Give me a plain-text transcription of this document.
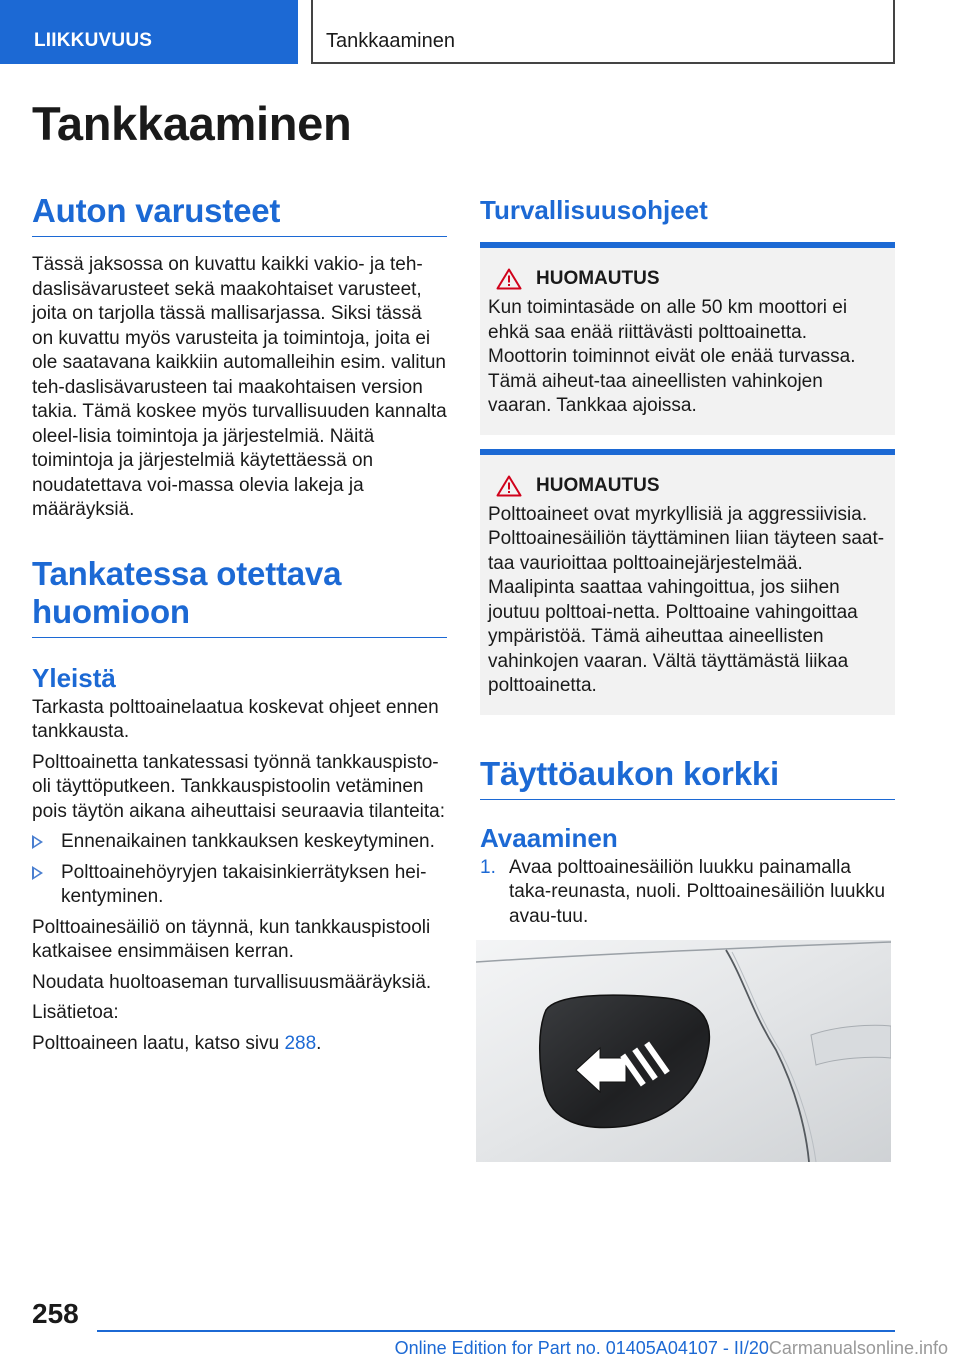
LIIKKUVUUS	Tankkaaminen
Tankkaaminen
Auton varusteet
Tässä jaksossa on kuvattu kaikki vakio- ja teh-daslisävarusteet sekä maakohtaiset varusteet, joita on tarjolla tässä mallisarjassa. Siksi tässä on kuvattu myös varusteita ja toimintoja, joita ei ole saatavana kaikkiin automalleihin esim. valitun teh-daslisävarusteen tai maakohtaisen version takia. Tämä koskee myös turvallisuuden kannalta oleel-lisia toimintoja ja järjestelmiä. Näitä toimintoja ja järjestelmiä käytettäessä on noudatettava voi-massa olevia lakeja ja määräyksiä.
Tankatessa otettava huomioon
Yleistä
Tarkasta polttoainelaatua koskevat ohjeet ennen tankkausta.
Polttoainetta tankatessasi työnnä tankkauspisto-oli täyttöputkeen. Tankkauspistoolin vetäminen pois täytön aikana aiheuttaisi seuraavia tilanteita:
Ennenaikainen tankkauksen keskeytyminen.
Polttoainehöyryjen takaisinkierrätyksen hei-kentyminen.
Polttoainesäiliö on täynnä, kun tankkauspistooli katkaisee ensimmäisen kerran.
Noudata huoltoaseman turvallisuusmääräyksiä.
Lisätietoa:
Polttoaineen laatu, katso sivu 288.
Turvallisuusohjeet
HUOMAUTUS
Kun toimintasäde on alle 50 km moottori ei ehkä saa enää riittävästi polttoainetta. Moottorin toiminnot eivät ole enää turvassa. Tämä aiheut-taa aineellisten vahinkojen vaaran. Tankkaa ajoissa.
HUOMAUTUS
Polttoaineet ovat myrkyllisiä ja aggressiivisia. Polttoainesäiliön täyttäminen liian täyteen saat-taa vaurioittaa polttoainejärjestelmää. Maalipinta saattaa vahingoittua, jos siihen joutuu polttoai-netta. Polttoaine vahingoittaa ympäristöä. Tämä aiheuttaa aineellisten vahinkojen vaaran. Vältä täyttämästä liikaa polttoainetta.
Täyttöaukon korkki
Avaaminen
1. Avaa polttoainesäiliön luukku painamalla taka-reunasta, nuoli. Polttoainesäiliön luukku avau-tuu.
258
Online Edition for Part no. 01405A04107 - II/20Carmanualsonline.info
